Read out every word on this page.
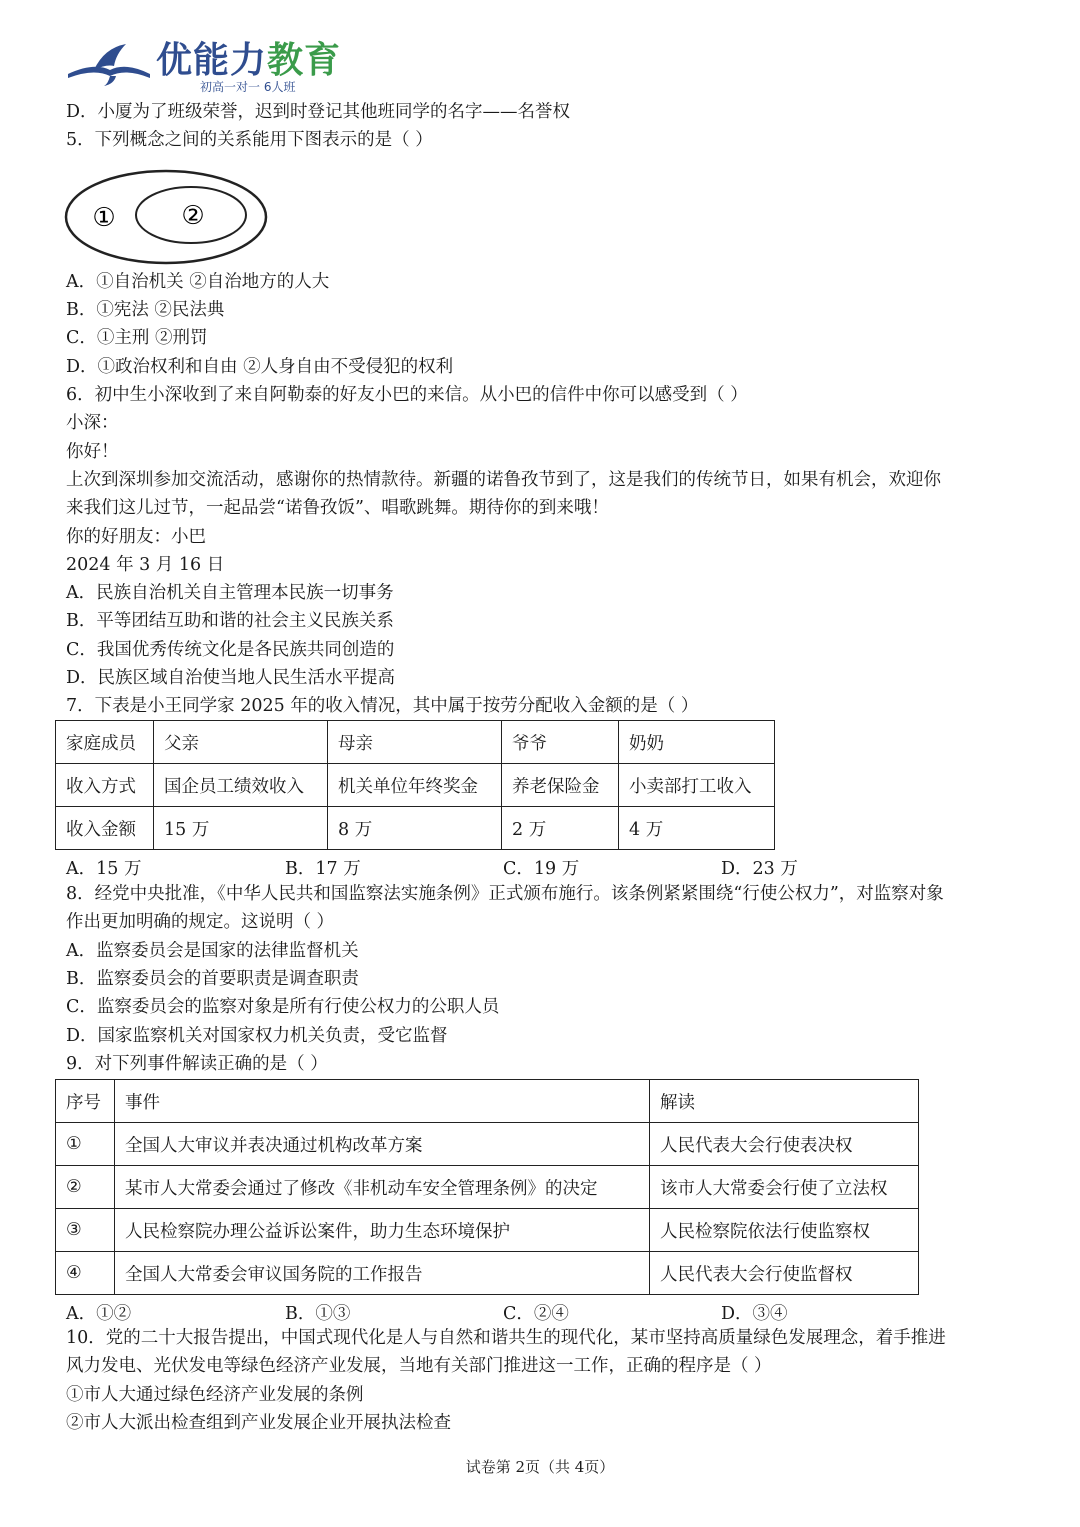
优能力教育
初高一对一 6人班
D．小厦为了班级荣誉，迟到时登记其他班同学的名字——名誉权
5．下列概念之间的关系能用下图表示的是（ ）
①	②
A．①自治机关 ②自治地方的人大
B．①宪法 ②民法典
C．①主刑 ②刑罚
D．①政治权利和自由 ②人身自由不受侵犯的权利
6．初中生小深收到了来自阿勒泰的好友小巴的来信。从小巴的信件中你可以感受到（ ）
小深：
你好！
上次到深圳参加交流活动，感谢你的热情款待。新疆的诺鲁孜节到了，这是我们的传统节日，如果有机会，欢迎你
来我们这儿过节，一起品尝“诺鲁孜饭”、唱歌跳舞。期待你的到来哦！
你的好朋友：小巴
2024 年 3 月 16 日
A．民族自治机关自主管理本民族一切事务
B．平等团结互助和谐的社会主义民族关系
C．我国优秀传统文化是各民族共同创造的
D．民族区域自治使当地人民生活水平提高
7．下表是小王同学家 2025 年的收入情况，其中属于按劳分配收入金额的是（ ）
家庭成员	父亲	母亲	爷爷	奶奶
收入方式	国企员工绩效收入	机关单位年终奖金	养老保险金	小卖部打工收入
收入金额	15 万	8 万	2 万	4 万
A．15 万	B．17 万	C．19 万	D．23 万
8．经党中央批准，《中华人民共和国监察法实施条例》正式颁布施行。该条例紧紧围绕“行使公权力”，对监察对象
作出更加明确的规定。这说明（ ）
A．监察委员会是国家的法律监督机关
B．监察委员会的首要职责是调查职责
C．监察委员会的监察对象是所有行使公权力的公职人员
D．国家监察机关对国家权力机关负责，受它监督
9．对下列事件解读正确的是（ ）
序号	事件	解读
①	全国人大审议并表决通过机构改革方案	人民代表大会行使表决权
②	某市人大常委会通过了修改《非机动车安全管理条例》的决定	该市人大常委会行使了立法权
③	人民检察院办理公益诉讼案件，助力生态环境保护	人民检察院依法行使监察权
④	全国人大常委会审议国务院的工作报告	人民代表大会行使监督权
A．①②	B．①③	C．②④	D．③④
10．党的二十大报告提出，中国式现代化是人与自然和谐共生的现代化，某市坚持高质量绿色发展理念，着手推进
风力发电、光伏发电等绿色经济产业发展，当地有关部门推进这一工作，正确的程序是（ ）
①市人大通过绿色经济产业发展的条例
②市人大派出检查组到产业发展企业开展执法检查
试卷第 2页（共 4页）
